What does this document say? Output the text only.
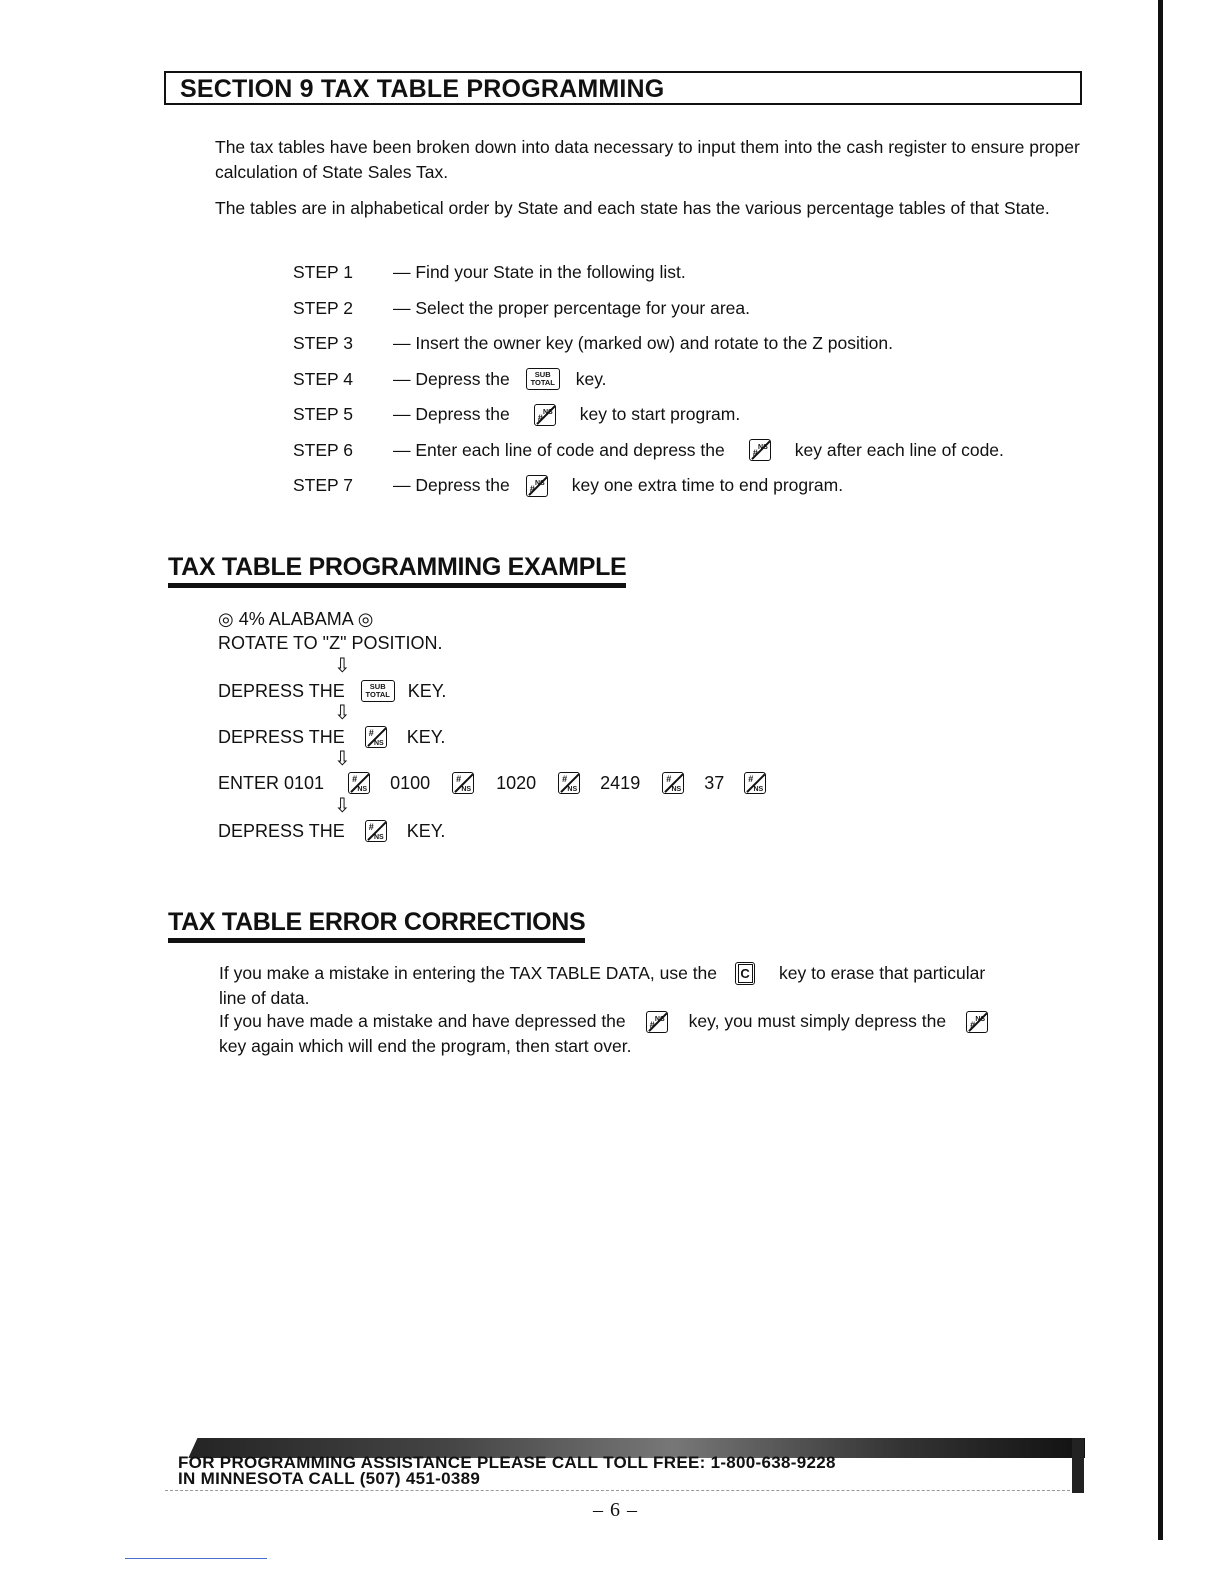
SECTION 9 TAX TABLE PROGRAMMING
The tax tables have been broken down into data necessary to input them into the cash register to ensure proper calculation of State Sales Tax.
The tables are in alphabetical order by State and each state has the various percentage tables of that State.
STEP 1	— Find your State in the following list.
STEP 2	— Select the proper percentage for your area.
STEP 3	— Insert the owner key (marked ow) and rotate to the Z position.
STEP 4	— Depress the	SUB
TOTAL key.
STEP 5	— Depress the	#
NS key to start program.
STEP 6	— Enter each line of code and depress the	#
NS key after each line of code.
STEP 7	— Depress the #
NS key one extra time to end program.
TAX TABLE PROGRAMMING EXAMPLE
◎ 4% ALABAMA ◎
ROTATE TO "Z" POSITION.
⇩
DEPRESS THE	SUB
TOTAL KEY.
⇩
DEPRESS THE	#
NS KEY.
⇩
ENTER 0101	#
NS 0100	#
NS 1020	#
NS 2419	#
NS 37	#
NS
⇩
DEPRESS THE	#
NS KEY.
TAX TABLE ERROR CORRECTIONS
If you make a mistake in entering the TAX TABLE DATA, use the C key to erase that particular
line of data.
If you have made a mistake and have depressed the	#
NS key, you must simply depress the	#
NS
key again which will end the program, then start over.
FOR PROGRAMMING ASSISTANCE PLEASE CALL TOLL FREE: 1-800-638-9228
IN MINNESOTA CALL (507) 451-0389
– 6 –
